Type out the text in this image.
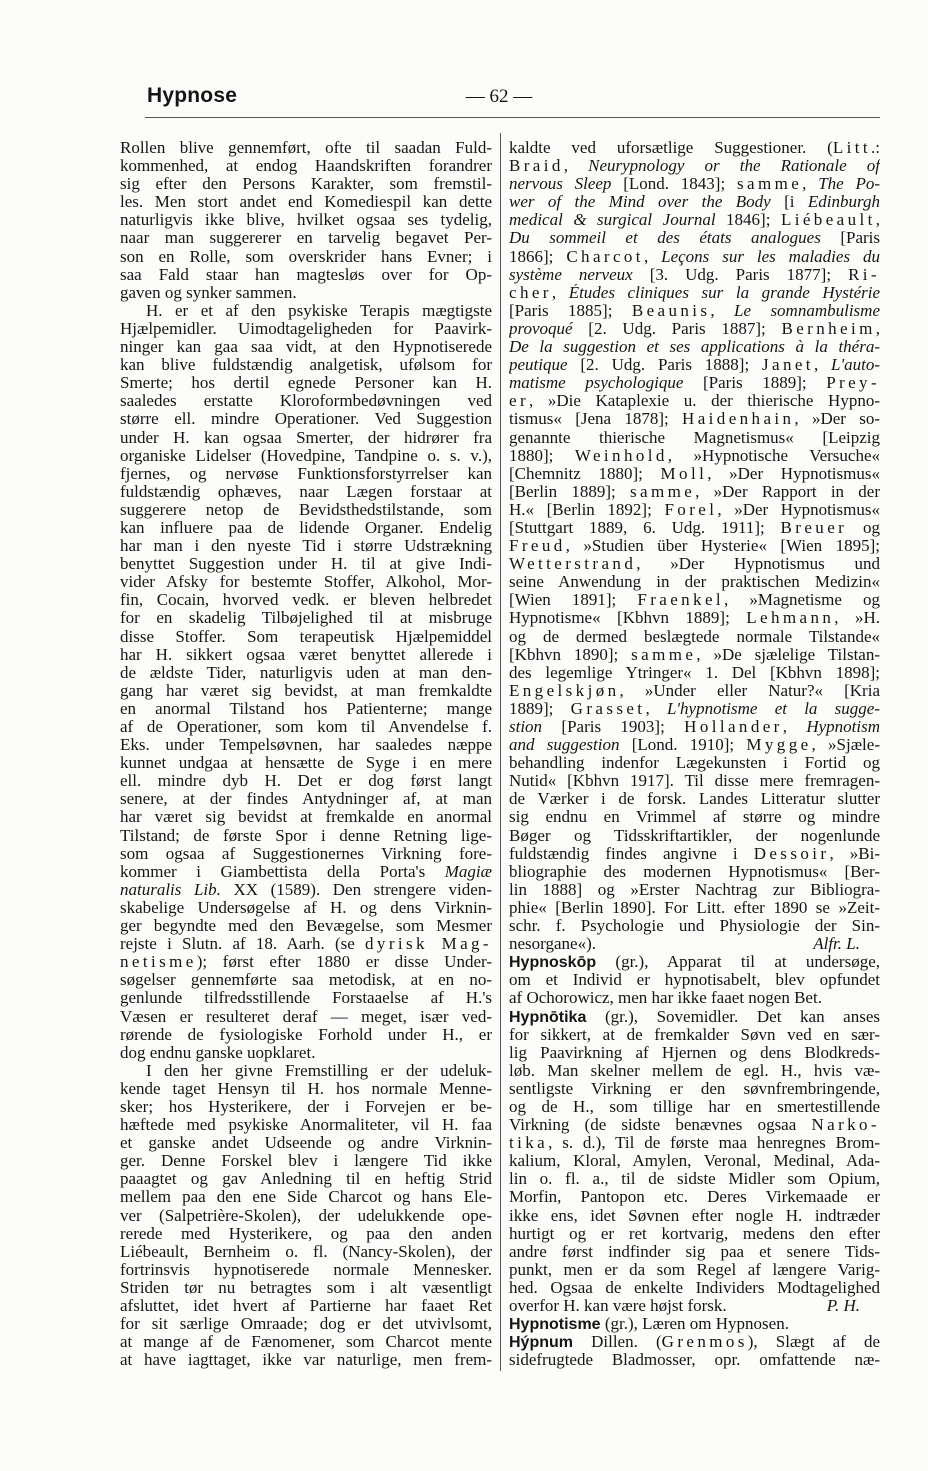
Hypnose	— 62 —
Rollen blive gennemført, ofte til saadan Fuld-
kommenhed, at endog Haandskriften forandrer
sig efter den Persons Karakter, som fremstil-
les. Men stort andet end Komediespil kan dette
naturligvis ikke blive, hvilket ogsaa ses tydelig,
naar man suggererer en tarvelig begavet Per-
son en Rolle, som overskrider hans Evner; i
saa Fald staar han magtesløs over for Op-
gaven og synker sammen.
H. er et af den psykiske Terapis mægtigste
Hjælpemidler. Uimodtageligheden for Paavirk-
ninger kan gaa saa vidt, at den Hypnotiserede
kan blive fuldstændig analgetisk, ufølsom for
Smerte; hos dertil egnede Personer kan H.
saaledes erstatte Kloroformbedøvningen ved
større ell. mindre Operationer. Ved Suggestion
under H. kan ogsaa Smerter, der hidrører fra
organiske Lidelser (Hovedpine, Tandpine o. s. v.),
fjernes, og nervøse Funktionsforstyrrelser kan
fuldstændig ophæves, naar Lægen forstaar at
suggerere netop de Bevidsthedstilstande, som
kan influere paa de lidende Organer. Endelig
har man i den nyeste Tid i større Udstrækning
benyttet Suggestion under H. til at give Indi-
vider Afsky for bestemte Stoffer, Alkohol, Mor-
fin, Cocain, hvorved vedk. er bleven helbredet
for en skadelig Tilbøjelighed til at misbruge
disse Stoffer. Som terapeutisk Hjælpemiddel
har H. sikkert ogsaa været benyttet allerede i
de ældste Tider, naturligvis uden at man den-
gang har været sig bevidst, at man fremkaldte
en anormal Tilstand hos Patienterne; mange
af de Operationer, som kom til Anvendelse f.
Eks. under Tempelsøvnen, har saaledes næppe
kunnet undgaa at hensætte de Syge i en mere
ell. mindre dyb H. Det er dog først langt
senere, at der findes Antydninger af, at man
har været sig bevidst at fremkalde en anormal
Tilstand; de første Spor i denne Retning lige-
som ogsaa af Suggestionernes Virkning fore-
kommer i Giambettista della Porta's Magiæ
naturalis Lib. XX (1589). Den strengere viden-
skabelige Undersøgelse af H. og dens Virknin-
ger begyndte med den Bevægelse, som Mesmer
rejste i Slutn. af 18. Aarh. (se dyrisk Mag-
netisme); først efter 1880 er disse Under-
søgelser gennemførte saa metodisk, at en no-
genlunde tilfredsstillende Forstaaelse af H.'s
Væsen er resulteret deraf — meget, især ved-
rørende de fysiologiske Forhold under H., er
dog endnu ganske uopklaret.
I den her givne Fremstilling er der udeluk-
kende taget Hensyn til H. hos normale Menne-
sker; hos Hysterikere, der i Forvejen er be-
hæftede med psykiske Anormaliteter, vil H. faa
et ganske andet Udseende og andre Virknin-
ger. Denne Forskel blev i længere Tid ikke
paaagtet og gav Anledning til en heftig Strid
mellem paa den ene Side Charcot og hans Ele-
ver (Salpetrière-Skolen), der udelukkende ope-
rerede med Hysterikere, og paa den anden
Liébeault, Bernheim o. fl. (Nancy-Skolen), der
fortrinsvis hypnotiserede normale Mennesker.
Striden tør nu betragtes som i alt væsentligt
afsluttet, idet hvert af Partierne har faaet Ret
for sit særlige Omraade; dog er det utvivlsomt,
at mange af de Fænomener, som Charcot mente
at have iagttaget, ikke var naturlige, men frem-
kaldte ved uforsætlige Suggestioner. (Litt.:
Braid, Neurypnology or the Rationale of
nervous Sleep [Lond. 1843]; samme, The Po-
wer of the Mind over the Body [i Edinburgh
medical & surgical Journal 1846]; Liébeault,
Du sommeil et des états analogues [Paris
1866]; Charcot, Leçons sur les maladies du
système nerveux [3. Udg. Paris 1877]; Ri-
cher, Études cliniques sur la grande Hystérie
[Paris 1885]; Beaunis, Le somnambulisme
provoqué [2. Udg. Paris 1887]; Bernheim,
De la suggestion et ses applications à la théra-
peutique [2. Udg. Paris 1888]; Janet, L'auto-
matisme psychologique [Paris 1889]; Prey-
er, »Die Kataplexie u. der thierische Hypno-
tismus« [Jena 1878]; Haidenhain, »Der so-
genannte thierische Magnetismus« [Leipzig
1880]; Weinhold, »Hypnotische Versuche«
[Chemnitz 1880]; Moll, »Der Hypnotismus«
[Berlin 1889]; samme, »Der Rapport in der
H.« [Berlin 1892]; Forel, »Der Hypnotismus«
[Stuttgart 1889, 6. Udg. 1911]; Breuer og
Freud, »Studien über Hysterie« [Wien 1895];
Wetterstrand, »Der Hypnotismus und
seine Anwendung in der praktischen Medizin«
[Wien 1891]; Fraenkel, »Magnetisme og
Hypnotisme« [Kbhvn 1889]; Lehmann, »H.
og de dermed beslægtede normale Tilstande«
[Kbhvn 1890]; samme, »De sjælelige Tilstan-
des legemlige Ytringer« 1. Del [Kbhvn 1898];
Engelskjøn, »Under eller Natur?« [Kria
1889]; Grasset, L'hypnotisme et la sugge-
stion [Paris 1903]; Hollander, Hypnotism
and suggestion [Lond. 1910]; Mygge, »Sjæle-
behandling indenfor Lægekunsten i Fortid og
Nutid« [Kbhvn 1917]. Til disse mere fremragen-
de Værker i de forsk. Landes Litteratur slutter
sig endnu en Vrimmel af større og mindre
Bøger og Tidsskriftartikler, der nogenlunde
fuldstændig findes angivne i Dessoir, »Bi-
bliographie des modernen Hypnotismus« [Ber-
lin 1888] og »Erster Nachtrag zur Bibliogra-
phie« [Berlin 1890]. For Litt. efter 1890 se »Zeit-
schr. f. Psychologie und Physiologie der Sin-
nesorgane«).	Alfr. L.
Hypnoskōp (gr.), Apparat til at undersøge,
om et Individ er hypnotisabelt, blev opfundet
af Ochorowicz, men har ikke faaet nogen Bet.
Hypnōtika (gr.), Sovemidler. Det kan anses
for sikkert, at de fremkalder Søvn ved en sær-
lig Paavirkning af Hjernen og dens Blodkreds-
løb. Man skelner mellem de egl. H., hvis væ-
sentligste Virkning er den søvnfrembringende,
og de H., som tillige har en smertestillende
Virkning (de sidste benævnes ogsaa Narko-
tika, s. d.), Til de første maa henregnes Brom-
kalium, Kloral, Amylen, Veronal, Medinal, Ada-
lin o. fl. a., til de sidste Midler som Opium,
Morfin, Pantopon etc. Deres Virkemaade er
ikke ens, idet Søvnen efter nogle H. indtræder
hurtigt og er ret kortvarig, medens den efter
andre først indfinder sig paa et senere Tids-
punkt, men er da som Regel af længere Varig-
hed. Ogsaa de enkelte Individers Modtagelighed
overfor H. kan være højst forsk.	P. H.
Hypnotisme (gr.), Læren om Hypnosen.
Hýpnum Dillen. (Grenmos), Slægt af de
sidefrugtede Bladmosser, opr. omfattende næ-
